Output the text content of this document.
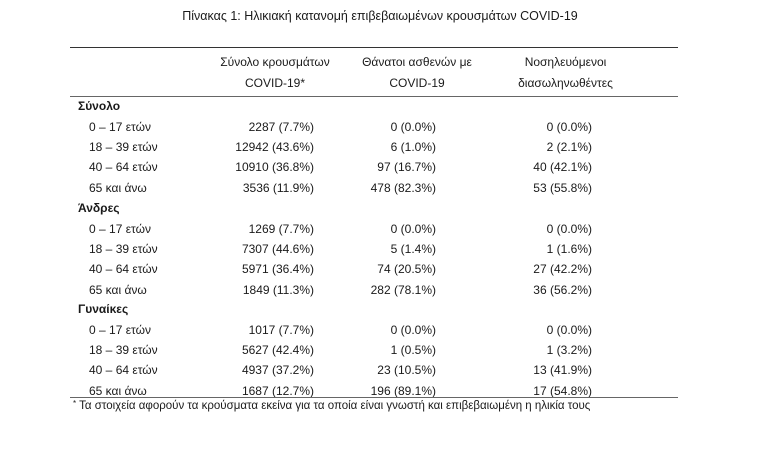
Πίνακας 1: Ηλικιακή κατανομή επιβεβαιωμένων κρουσμάτων COVID-19
Σύνολο κρουσμάτων
COVID-19*
Θάνατοι ασθενών με
COVID-19
Νοσηλευόμενοι
διασωληνωθέντες
Σύνολο
0 – 17 ετών	2287 (7.7%)	0 (0.0%)	0 (0.0%)
18 – 39 ετών	12942 (43.6%)	6 (1.0%)	2 (2.1%)
40 – 64 ετών	10910 (36.8%)	97 (16.7%)	40 (42.1%)
65 και άνω	3536 (11.9%)	478 (82.3%)	53 (55.8%)
Άνδρες
0 – 17 ετών	1269 (7.7%)	0 (0.0%)	0 (0.0%)
18 – 39 ετών	7307 (44.6%)	5 (1.4%)	1 (1.6%)
40 – 64 ετών	5971 (36.4%)	74 (20.5%)	27 (42.2%)
65 και άνω	1849 (11.3%)	282 (78.1%)	36 (56.2%)
Γυναίκες
0 – 17 ετών	1017 (7.7%)	0 (0.0%)	0 (0.0%)
18 – 39 ετών	5627 (42.4%)	1 (0.5%)	1 (3.2%)
40 – 64 ετών	4937 (37.2%)	23 (10.5%)	13 (41.9%)
65 και άνω	1687 (12.7%)	196 (89.1%)	17 (54.8%)
* Τα στοιχεία αφορούν τα κρούσματα εκείνα για τα οποία είναι γνωστή και επιβεβαιωμένη η ηλικία τους
